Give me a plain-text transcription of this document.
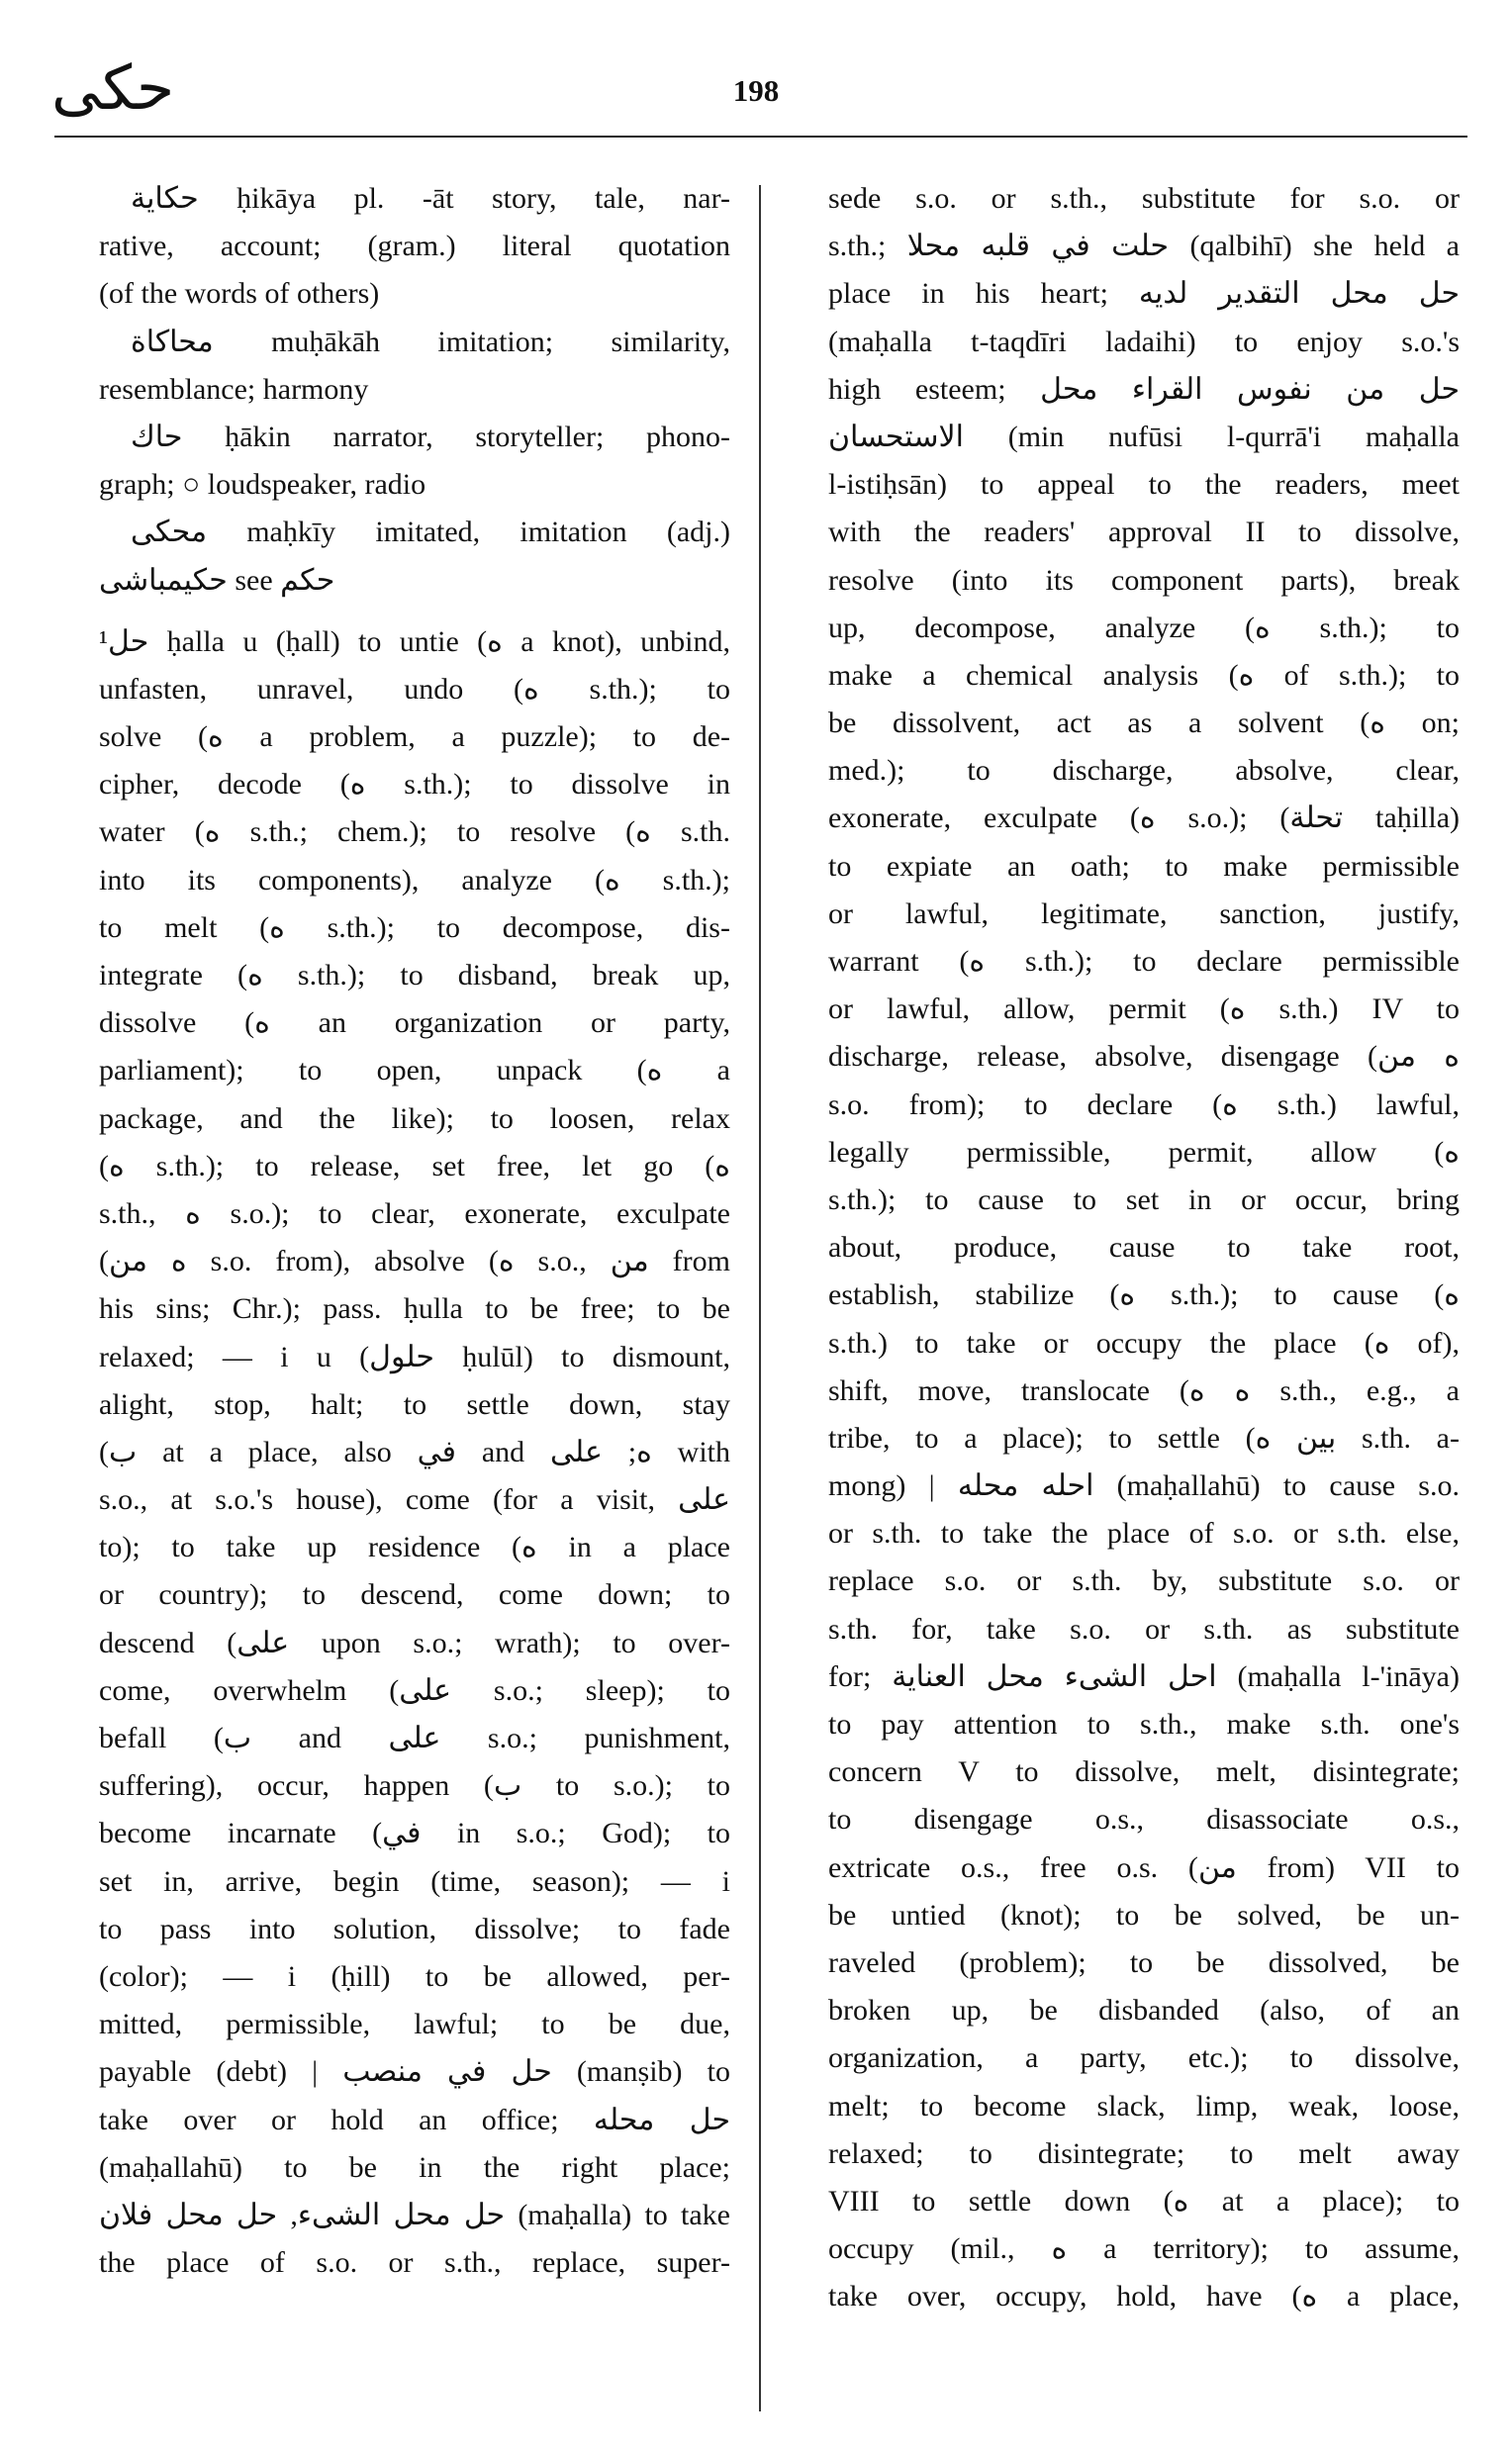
حكى	198
حكاية ḥikāya pl. -āt story, tale, nar-
rative, account; (gram.) literal quotation
(of the words of others)
محاكاة muḥākāh imitation; similarity,
resemblance; harmony
حاك ḥākin narrator, storyteller; phono-
graph; ○ loudspeaker, radio
محكى maḥkīy imitated, imitation (adj.)
حكيمباشى see حكم
¹حل ḥalla u (ḥall) to untie (ه a knot), unbind,
unfasten, unravel, undo (ه s.th.); to
solve (ه a problem, a puzzle); to de-
cipher, decode (ه s.th.); to dissolve in
water (ه s.th.; chem.); to resolve (ه s.th.
into its components), analyze (ه s.th.);
to melt (ه s.th.); to decompose, dis-
integrate (ه s.th.); to disband, break up,
dissolve (ه an organization or party,
parliament); to open, unpack (ه a
package, and the like); to loosen, relax
(ه s.th.); to release, set free, let go (ه
s.th., ه s.o.); to clear, exonerate, exculpate
(ه من s.o. from), absolve (ه s.o., من from
his sins; Chr.); pass. ḥulla to be free; to be
relaxed; — i u (حلول ḥulūl) to dismount,
alight, stop, halt; to settle down, stay
(ب at a place, also في and ه; على with
s.o., at s.o.'s house), come (for a visit, على
to); to take up residence (ه in a place
or country); to descend, come down; to
descend (على upon s.o.; wrath); to over-
come, overwhelm (على s.o.; sleep); to
befall (ب and على s.o.; punishment,
suffering), occur, happen (ب to s.o.); to
become incarnate (في in s.o.; God); to
set in, arrive, begin (time, season); — i
to pass into solution, dissolve; to fade
(color); — i (ḥill) to be allowed, per-
mitted, permissible, lawful; to be due,
payable (debt) | حل في منصب (manṣib) to
take over or hold an office; حل محله
(maḥallahū) to be in the right place;
حل محل الشىء, حل محل فلان (maḥalla) to take
the place of s.o. or s.th., replace, super-
sede s.o. or s.th., substitute for s.o. or
s.th.; حلت في قلبه محلا (qalbihī) she held a
place in his heart; حل محل التقدير لديه
(maḥalla t-taqdīri ladaihi) to enjoy s.o.'s
high esteem; حل من نفوس القراء محل
الاستحسان (min nufūsi l-qurrā'i maḥalla
l-istiḥsān) to appeal to the readers, meet
with the readers' approval II to dissolve,
resolve (into its component parts), break
up, decompose, analyze (ه s.th.); to
make a chemical analysis (ه of s.th.); to
be dissolvent, act as a solvent (ه on;
med.); to discharge, absolve, clear,
exonerate, exculpate (ه s.o.); (تحلة taḥilla)
to expiate an oath; to make permissible
or lawful, legitimate, sanction, justify,
warrant (ه s.th.); to declare permissible
or lawful, allow, permit (ه s.th.) IV to
discharge, release, absolve, disengage (ه من
s.o. from); to declare (ه s.th.) lawful,
legally permissible, permit, allow (ه
s.th.); to cause to set in or occur, bring
about, produce, cause to take root,
establish, stabilize (ه s.th.); to cause (ه
s.th.) to take or occupy the place (ه of),
shift, move, translocate (ه ه s.th., e.g., a
tribe, to a place); to settle (بين ه s.th. a-
mong) | احله محله (maḥallahū) to cause s.o.
or s.th. to take the place of s.o. or s.th. else,
replace s.o. or s.th. by, substitute s.o. or
s.th. for, take s.o. or s.th. as substitute
for; احل الشىء محل العناية (maḥalla l-'ināya)
to pay attention to s.th., make s.th. one's
concern V to dissolve, melt, disintegrate;
to disengage o.s., disassociate o.s.,
extricate o.s., free o.s. (من from) VII to
be untied (knot); to be solved, be un-
raveled (problem); to be dissolved, be
broken up, be disbanded (also, of an
organization, a party, etc.); to dissolve,
melt; to become slack, limp, weak, loose,
relaxed; to disintegrate; to melt away
VIII to settle down (ه at a place); to
occupy (mil., ه a territory); to assume,
take over, occupy, hold, have (ه a place,
